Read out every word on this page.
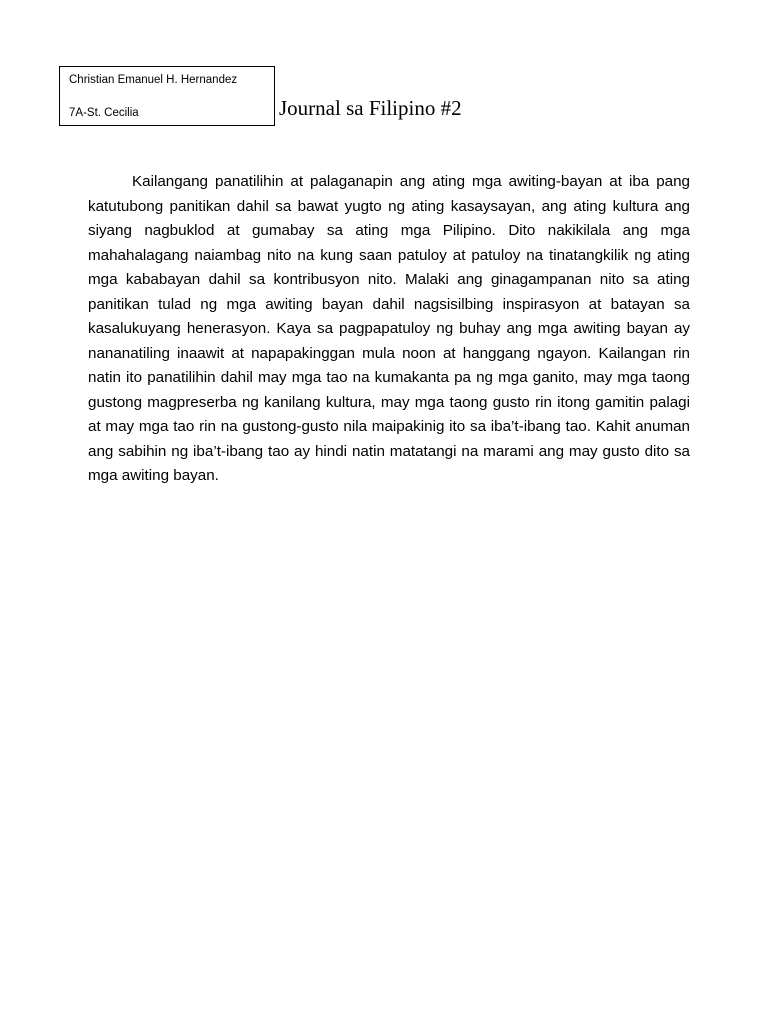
Christian Emanuel H. Hernandez
7A-St. Cecilia	Journal sa Filipino #2

Kailangang panatilihin at palaganapin ang ating mga awiting-bayan at iba pang katutubong panitikan dahil sa bawat yugto ng ating kasaysayan, ang ating kultura ang siyang nagbuklod at gumabay sa ating mga Pilipino. Dito nakikilala ang mga mahahalagang naiambag nito na kung saan patuloy at patuloy na tinatangkilik ng ating mga kababayan dahil sa kontribusyon nito. Malaki ang ginagampanan nito sa ating panitikan tulad ng mga awiting bayan dahil nagsisilbing inspirasyon at batayan sa kasalukuyang henerasyon. Kaya sa pagpapatuloy ng buhay ang mga awiting bayan ay nananatiling inaawit at napapakinggan mula noon at hanggang ngayon. Kailangan rin natin ito panatilihin dahil may mga tao na kumakanta pa ng mga ganito, may mga taong gustong magpreserba ng kanilang kultura, may mga taong gusto rin itong gamitin palagi at may mga tao rin na gustong-gusto nila maipakinig ito sa iba’t-ibang tao. Kahit anuman ang sabihin ng iba’t-ibang tao ay hindi natin matatangi na marami ang may gusto dito sa mga awiting bayan.
